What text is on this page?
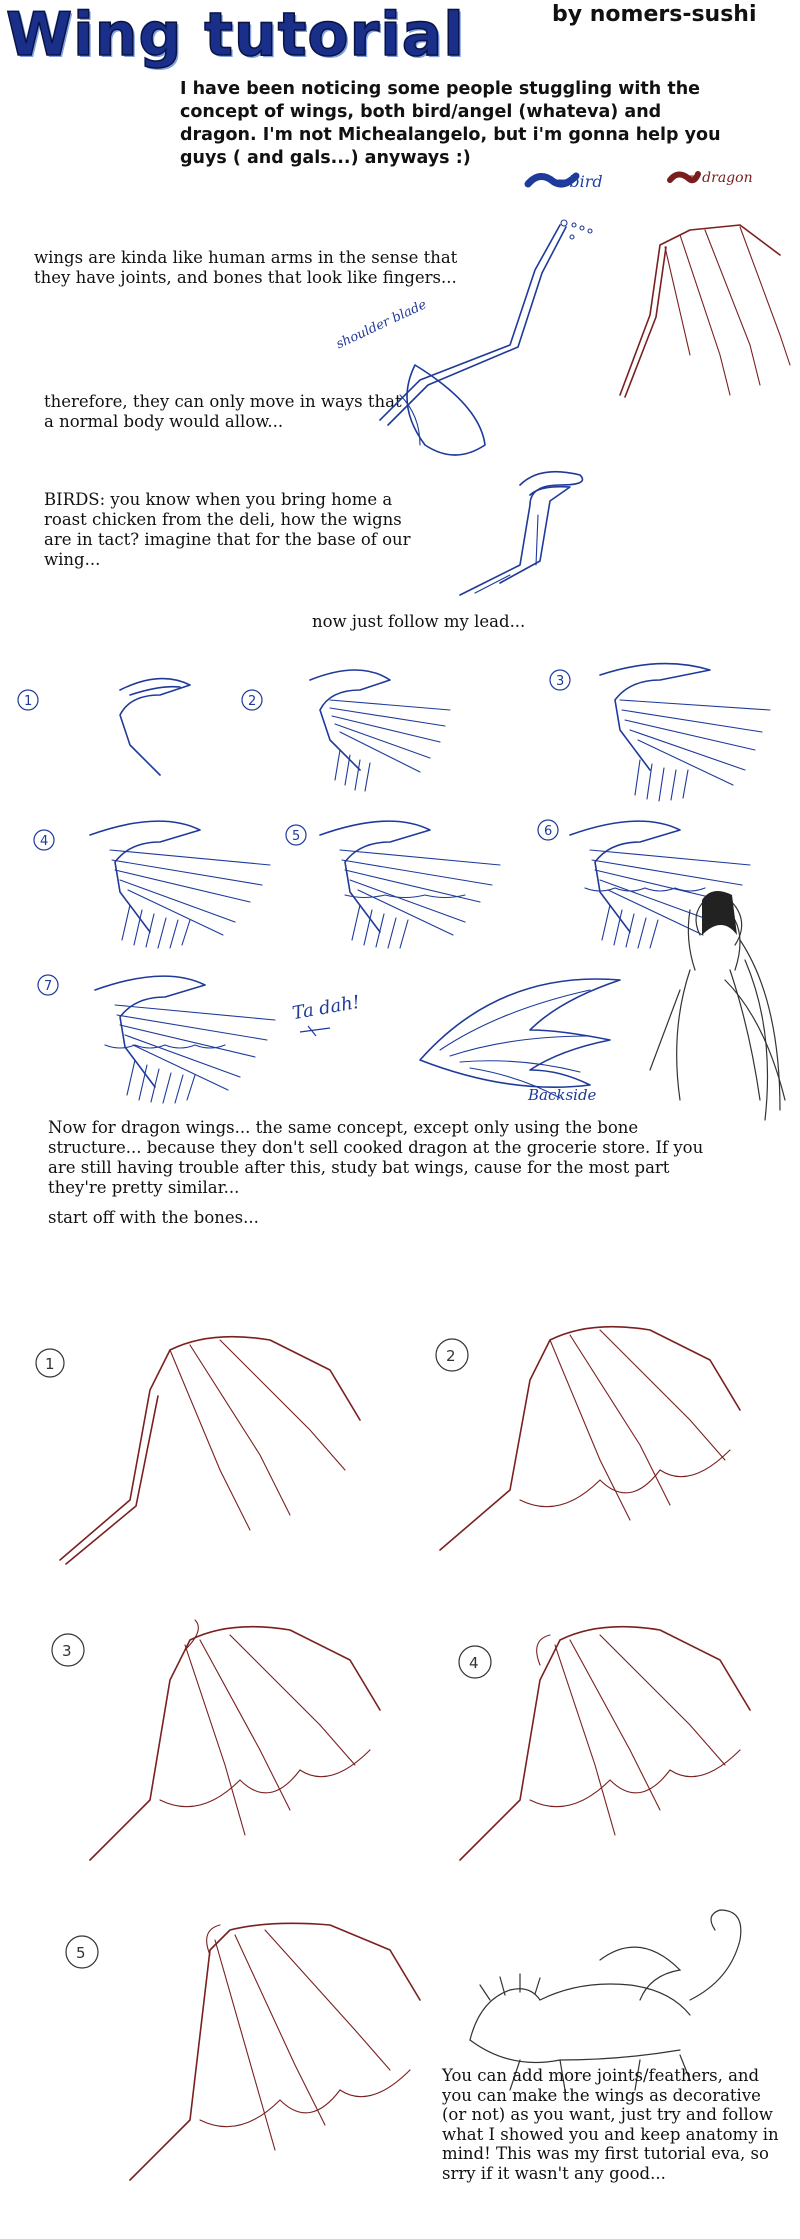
Wing tutorial	by nomers-sushi
I have been noticing some people stuggling with the concept of wings, both bird/angel (whateva) and dragon. I'm not Michealangelo, but i'm gonna help you guys ( and gals...) anyways :)
=bird	= dragon
wings are kinda like human arms in the sense that they have joints, and bones that look like fingers...
therefore, they can only move in ways that a normal body would allow...
BIRDS: you know when you bring home a roast chicken from the deli, how the wigns are in tact? imagine that for the base of our wing...
now just follow my lead...
shoulder blade
1	2
3
4	5	6
7
Ta dah!
Backside
Now for dragon wings... the same concept, except only using the bone structure... because they don't sell cooked dragon at the grocerie store. If you are still having trouble after this, study bat wings, cause for the most part they're pretty similar...
start off with the bones...
1	2
3
4
5
You can add more joints/feathers, and you can make the wings as decorative (or not) as you want, just try and follow what I showed you and keep anatomy in mind! This was my first tutorial eva, so srry if it wasn't any good...
